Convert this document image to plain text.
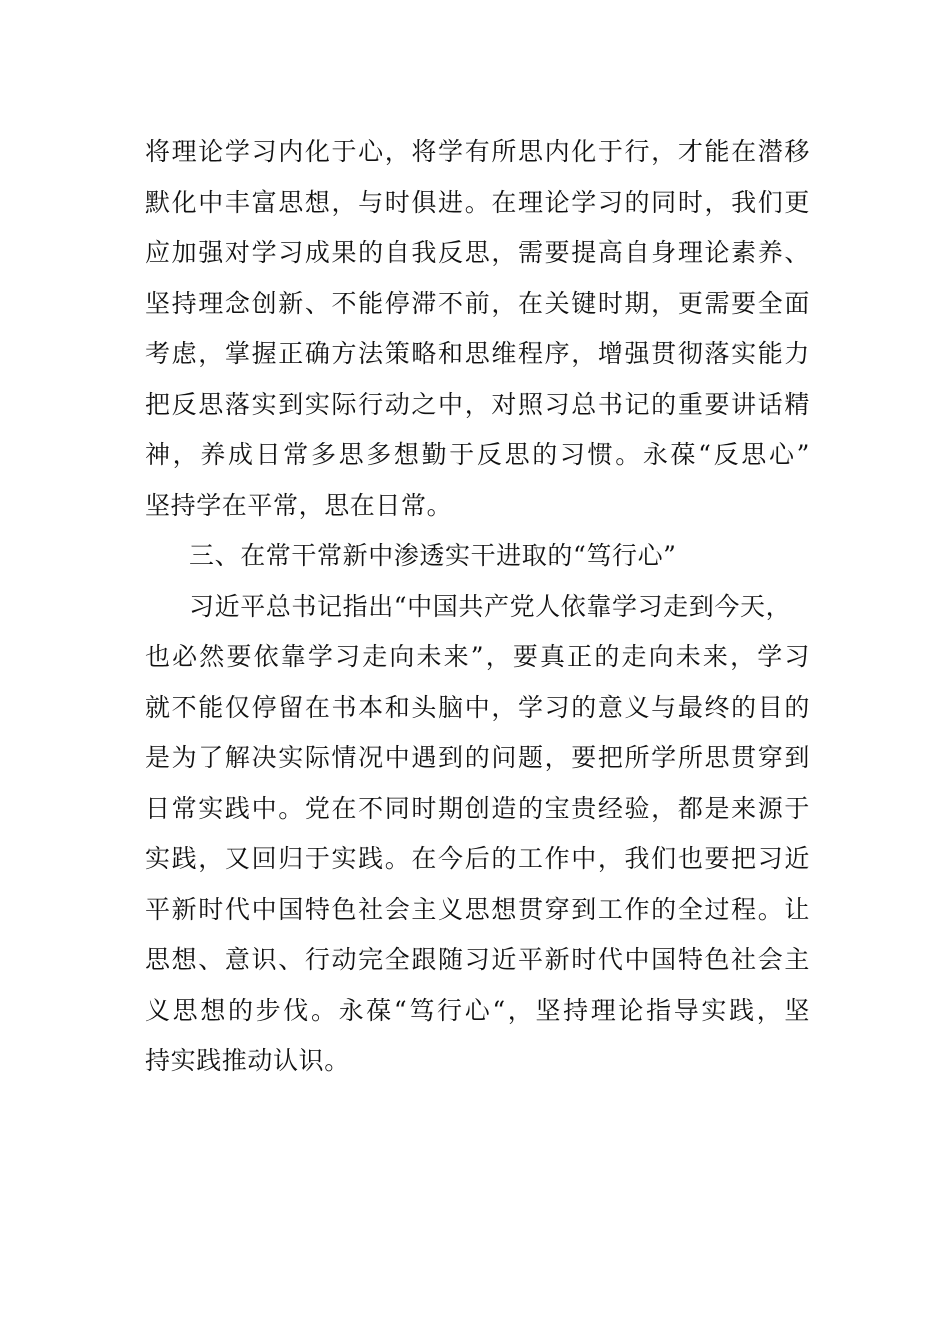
将理论学习内化于心，将学有所思内化于行，才能在潜移
默化中丰富思想，与时俱进。在理论学习的同时，我们更
应加强对学习成果的自我反思，需要提高自身理论素养、
坚持理念创新、不能停滞不前，在关键时期，更需要全面
考虑，掌握正确方法策略和思维程序，增强贯彻落实能力
把反思落实到实际行动之中，对照习总书记的重要讲话精
神，养成日常多思多想勤于反思的习惯。永葆“反思心”
坚持学在平常，思在日常。
三、在常干常新中渗透实干进取的“笃行心”
习近平总书记指出“中国共产党人依靠学习走到今天，
也必然要依靠学习走向未来”，要真正的走向未来，学习
就不能仅停留在书本和头脑中，学习的意义与最终的目的
是为了解决实际情况中遇到的问题，要把所学所思贯穿到
日常实践中。党在不同时期创造的宝贵经验，都是来源于
实践，又回归于实践。在今后的工作中，我们也要把习近
平新时代中国特色社会主义思想贯穿到工作的全过程。让
思想、意识、行动完全跟随习近平新时代中国特色社会主
义思想的步伐。永葆“笃行心“，坚持理论指导实践，坚
持实践推动认识。
